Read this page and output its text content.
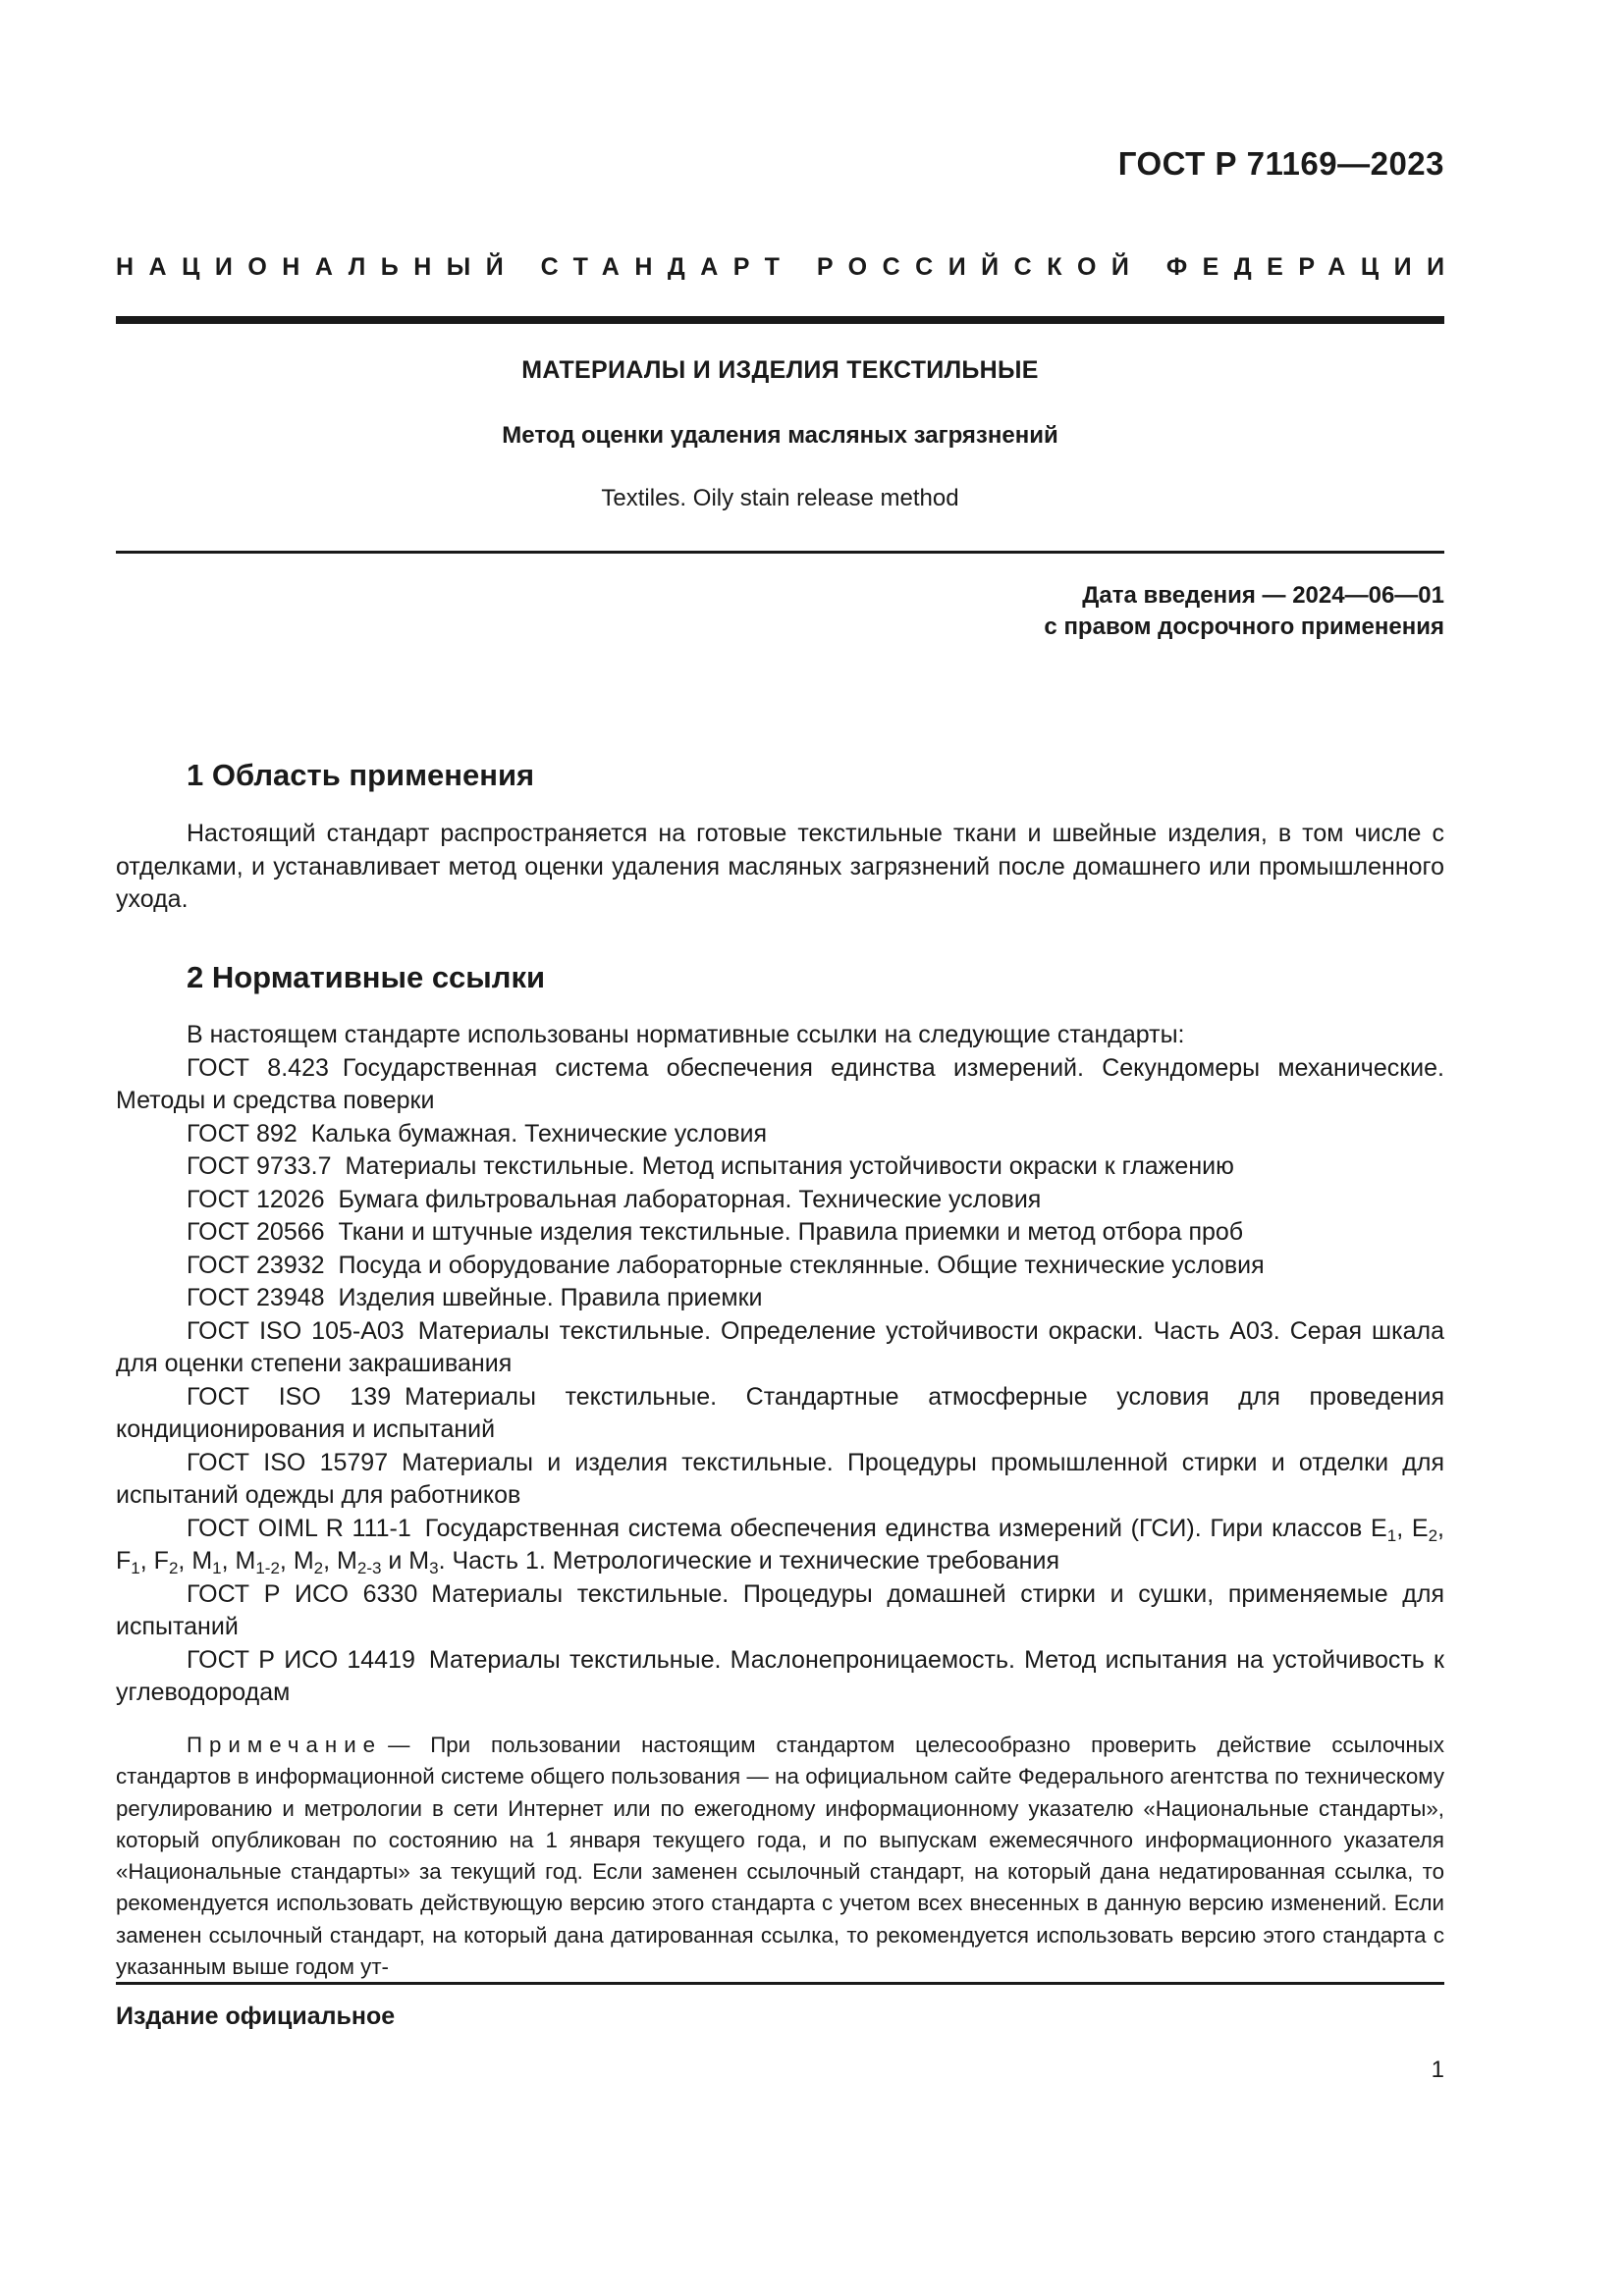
ГОСТ Р 71169—2023
НАЦИОНАЛЬНЫЙ СТАНДАРТ РОССИЙСКОЙ ФЕДЕРАЦИИ
МАТЕРИАЛЫ И ИЗДЕЛИЯ ТЕКСТИЛЬНЫЕ
Метод оценки удаления масляных загрязнений
Textiles. Oily stain release method
Дата введения — 2024—06—01
с правом досрочного применения
1 Область применения

Настоящий стандарт распространяется на готовые текстильные ткани и швейные изделия, в том числе с отделками, и устанавливает метод оценки удаления масляных загрязнений после домашнего или промышленного ухода.

2 Нормативные ссылки

В настоящем стандарте использованы нормативные ссылки на следующие стандарты:

ГОСТ 8.423 Государственная система обеспечения единства измерений. Секундомеры механические. Методы и средства поверки

ГОСТ 892 Калька бумажная. Технические условия

ГОСТ 9733.7 Материалы текстильные. Метод испытания устойчивости окраски к глажению

ГОСТ 12026 Бумага фильтровальная лабораторная. Технические условия

ГОСТ 20566 Ткани и штучные изделия текстильные. Правила приемки и метод отбора проб

ГОСТ 23932 Посуда и оборудование лабораторные стеклянные. Общие технические условия

ГОСТ 23948 Изделия швейные. Правила приемки

ГОСТ ISO 105-A03 Материалы текстильные. Определение устойчивости окраски. Часть A03. Серая шкала для оценки степени закрашивания

ГОСТ ISO 139 Материалы текстильные. Стандартные атмосферные условия для проведения кондиционирования и испытаний

ГОСТ ISO 15797 Материалы и изделия текстильные. Процедуры промышленной стирки и отделки для испытаний одежды для работников

ГОСТ OIML R 111-1 Государственная система обеспечения единства измерений (ГСИ). Гири классов $E_1$, $E_2$, $F_1$, $F_2$, $M_1$, $M_{1-2}$, $M_2$, $M_{2-3}$ и $M_3$. Часть 1. Метрологические и технические требования

ГОСТ Р ИСО 6330 Материалы текстильные. Процедуры домашней стирки и сушки, применяемые для испытаний

ГОСТ Р ИСО 14419 Материалы текстильные. Маслонепроницаемость. Метод испытания на устойчивость к углеводородам

Примечание — При пользовании настоящим стандартом целесообразно проверить действие ссылочных стандартов в информационной системе общего пользования — на официальном сайте Федерального агентства по техническому регулированию и метрологии в сети Интернет или по ежегодному информационному указателю «Национальные стандарты», который опубликован по состоянию на 1 января текущего года, и по выпускам ежемесячного информационного указателя «Национальные стандарты» за текущий год. Если заменен ссылочный стандарт, на который дана недатированная ссылка, то рекомендуется использовать действующую версию этого стандарта с учетом всех внесенных в данную версию изменений. Если заменен ссылочный стандарт, на который дана датированная ссылка, то рекомендуется использовать версию этого стандарта с указанным выше годом ут-

Издание официальное
1
